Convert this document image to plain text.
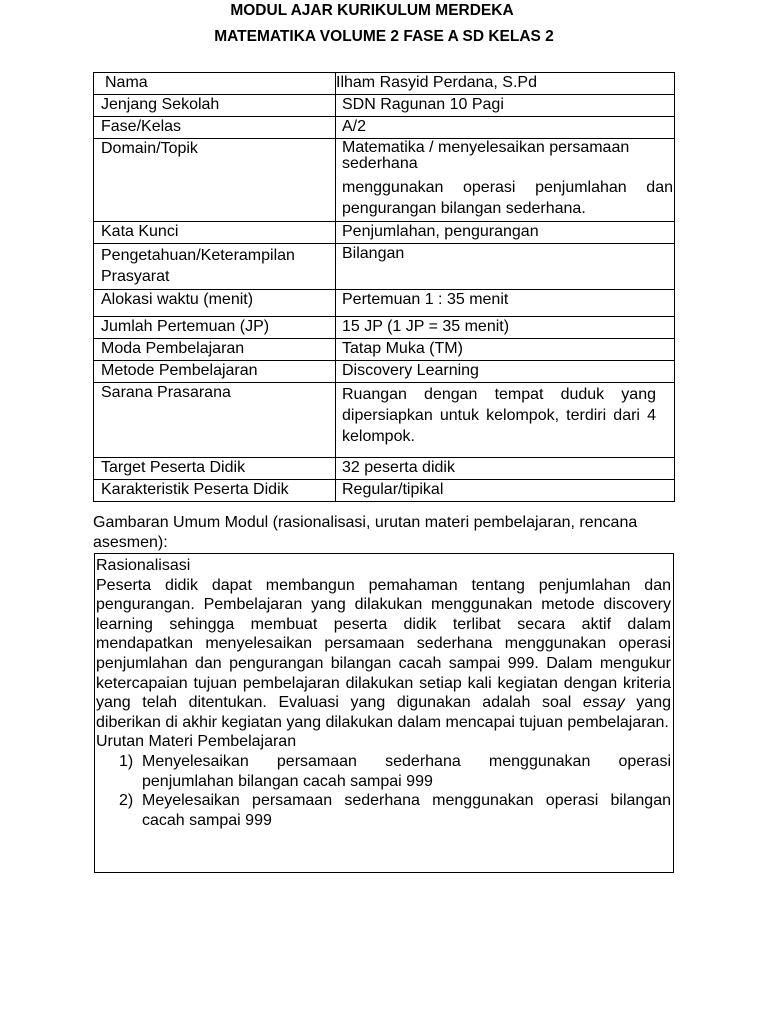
MODUL AJAR KURIKULUM MERDEKA
MATEMATIKA VOLUME 2 FASE A SD KELAS 2
Nama	Ilham Rasyid Perdana, S.Pd
Jenjang Sekolah	SDN Ragunan 10 Pagi
Fase/Kelas	A/2
Domain/Topik	Matematika / menyelesaikan persamaan sederhana
menggunakan operasi penjumlahan dan pengurangan bilangan sederhana.

Kata Kunci	Penjumlahan, pengurangan
Pengetahuan/Keterampilan Prasyarat	Bilangan
Alokasi waktu (menit)	Pertemuan 1 : 35 menit
Jumlah Pertemuan (JP)	15 JP (1 JP = 35 menit)
Moda Pembelajaran	Tatap Muka (TM)
Metode Pembelajaran	Discovery Learning
Sarana Prasarana	Ruangan dengan tempat duduk yang dipersiapkan untuk kelompok, terdiri dari 4 kelompok.
Target Peserta Didik	32 peserta didik
Karakteristik Peserta Didik	Regular/tipikal

Gambaran Umum Modul (rasionalisasi, urutan materi pembelajaran, rencana asesmen):

Rasionalisasi

Peserta didik dapat membangun pemahaman tentang penjumlahan dan pengurangan. Pembelajaran yang dilakukan menggunakan metode discovery learning sehingga membuat peserta didik terlibat secara aktif dalam mendapatkan menyelesaikan persamaan sederhana menggunakan operasi penjumlahan dan pengurangan bilangan cacah sampai 999. Dalam mengukur ketercapaian tujuan pembelajaran dilakukan setiap kali kegiatan dengan kriteria yang telah ditentukan. Evaluasi yang digunakan adalah soal essay yang diberikan di akhir kegiatan yang dilakukan dalam mencapai tujuan pembelajaran.

Urutan Materi Pembelajaran

1) Menyelesaikan persamaan sederhana menggunakan operasi penjumlahan bilangan cacah sampai 999
2) Meyelesaikan persamaan sederhana menggunakan operasi bilangan cacah sampai 999
